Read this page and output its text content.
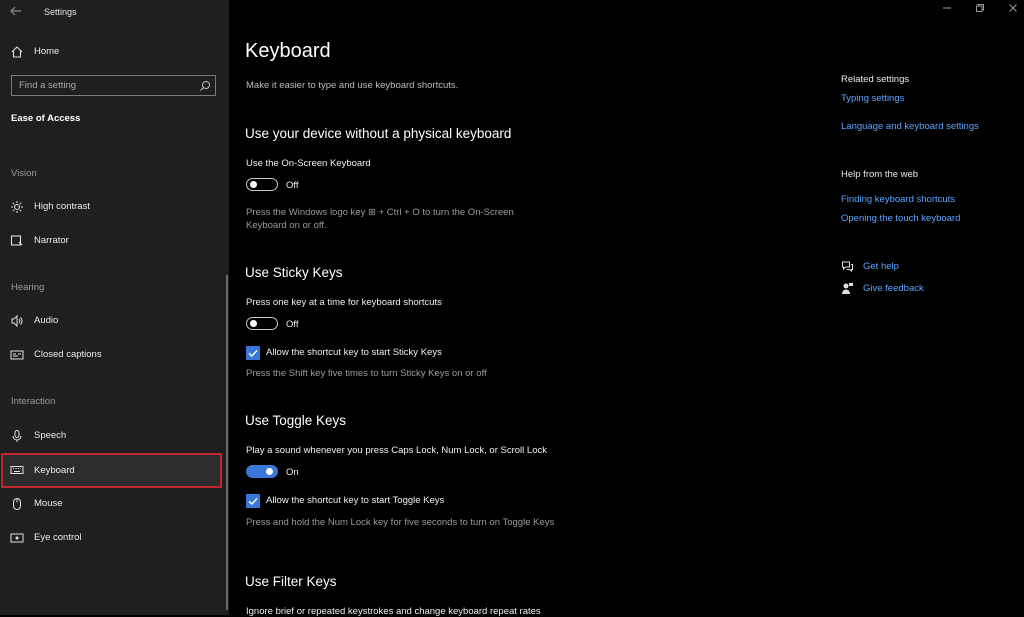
Settings
Home
Find a setting
Ease of Access
Vision
High contrast
Narrator
Hearing
Audio
Closed captions
Interaction
Speech
Keyboard
Mouse
Eye control
Keyboard
Make it easier to type and use keyboard shortcuts.
Use your device without a physical keyboard
Use the On-Screen Keyboard
Off
Press the Windows logo key ⊞ + Ctrl + O to turn the On-Screen Keyboard on or off.
Use Sticky Keys
Press one key at a time for keyboard shortcuts
Off
Allow the shortcut key to start Sticky Keys
Press the Shift key five times to turn Sticky Keys on or off
Use Toggle Keys
Play a sound whenever you press Caps Lock, Num Lock, or Scroll Lock
On
Allow the shortcut key to start Toggle Keys
Press and hold the Num Lock key for five seconds to turn on Toggle Keys
Use Filter Keys
Ignore brief or repeated keystrokes and change keyboard repeat rates
Related settings
Typing settings
Language and keyboard settings
Help from the web
Finding keyboard shortcuts
Opening the touch keyboard
Get help
Give feedback
